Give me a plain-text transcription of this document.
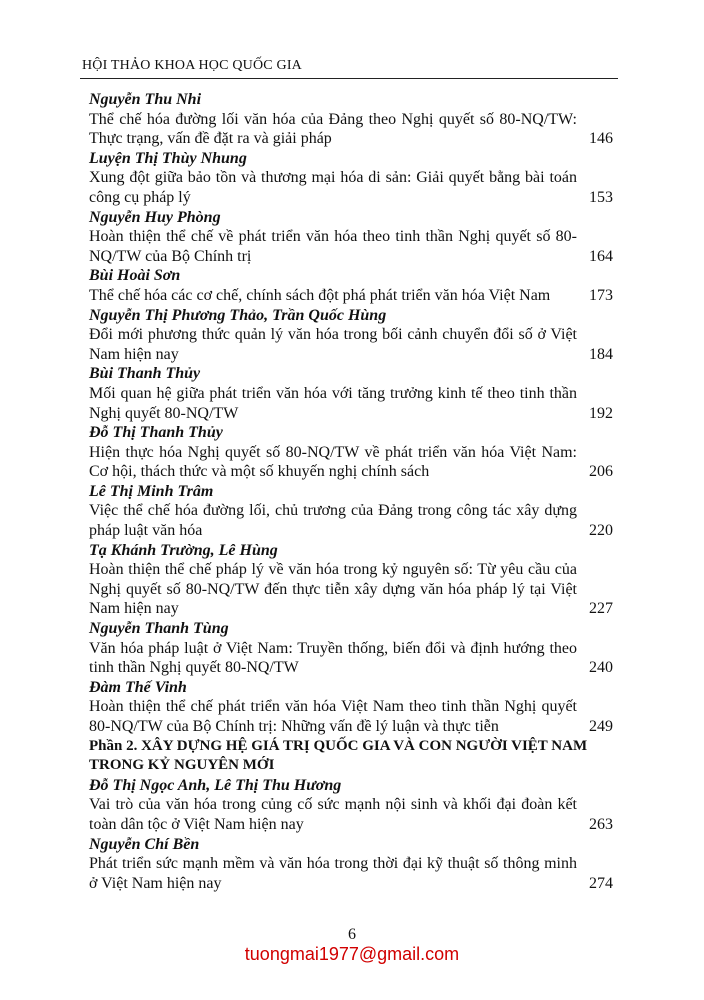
HỘI THẢO KHOA HỌC QUỐC GIA
Nguyễn Thu Nhi
Thể chế hóa đường lối văn hóa của Đảng theo Nghị quyết số 80-NQ/TW: Thực trạng, vấn đề đặt ra và giải pháp	146
Luyện Thị Thùy Nhung
Xung đột giữa bảo tồn và thương mại hóa di sản: Giải quyết bằng bài toán công cụ pháp lý	153
Nguyễn Huy Phòng
Hoàn thiện thể chế về phát triển văn hóa theo tinh thần Nghị quyết số 80-NQ/TW của Bộ Chính trị	164
Bùi Hoài Sơn
Thể chế hóa các cơ chế, chính sách đột phá phát triển văn hóa Việt Nam	173
Nguyễn Thị Phương Thảo, Trần Quốc Hùng
Đổi mới phương thức quản lý văn hóa trong bối cảnh chuyển đổi số ở Việt Nam hiện nay	184
Bùi Thanh Thủy
Mối quan hệ giữa phát triển văn hóa với tăng trưởng kinh tế theo tinh thần Nghị quyết 80-NQ/TW	192
Đỗ Thị Thanh Thủy
Hiện thực hóa Nghị quyết số 80-NQ/TW về phát triển văn hóa Việt Nam: Cơ hội, thách thức và một số khuyến nghị chính sách	206
Lê Thị Minh Trâm
Việc thể chế hóa đường lối, chủ trương của Đảng trong công tác xây dựng pháp luật văn hóa	220
Tạ Khánh Trường, Lê Hùng
Hoàn thiện thể chế pháp lý về văn hóa trong kỷ nguyên số: Từ yêu cầu của Nghị quyết số 80-NQ/TW đến thực tiễn xây dựng văn hóa pháp lý tại Việt Nam hiện nay	227
Nguyễn Thanh Tùng
Văn hóa pháp luật ở Việt Nam: Truyền thống, biến đổi và định hướng theo tinh thần Nghị quyết 80-NQ/TW	240
Đàm Thế Vinh
Hoàn thiện thể chế phát triển văn hóa Việt Nam theo tinh thần Nghị quyết 80-NQ/TW của Bộ Chính trị: Những vấn đề lý luận và thực tiễn	249
Phần 2. XÂY DỰNG HỆ GIÁ TRỊ QUỐC GIA VÀ CON NGƯỜI VIỆT NAM
TRONG KỶ NGUYÊN MỚI
Đỗ Thị Ngọc Anh, Lê Thị Thu Hương
Vai trò của văn hóa trong củng cố sức mạnh nội sinh và khối đại đoàn kết toàn dân tộc ở Việt Nam hiện nay	263
Nguyễn Chí Bền
Phát triển sức mạnh mềm và văn hóa trong thời đại kỹ thuật số thông minh ở Việt Nam hiện nay	274
6
tuongmai1977@gmail.com
